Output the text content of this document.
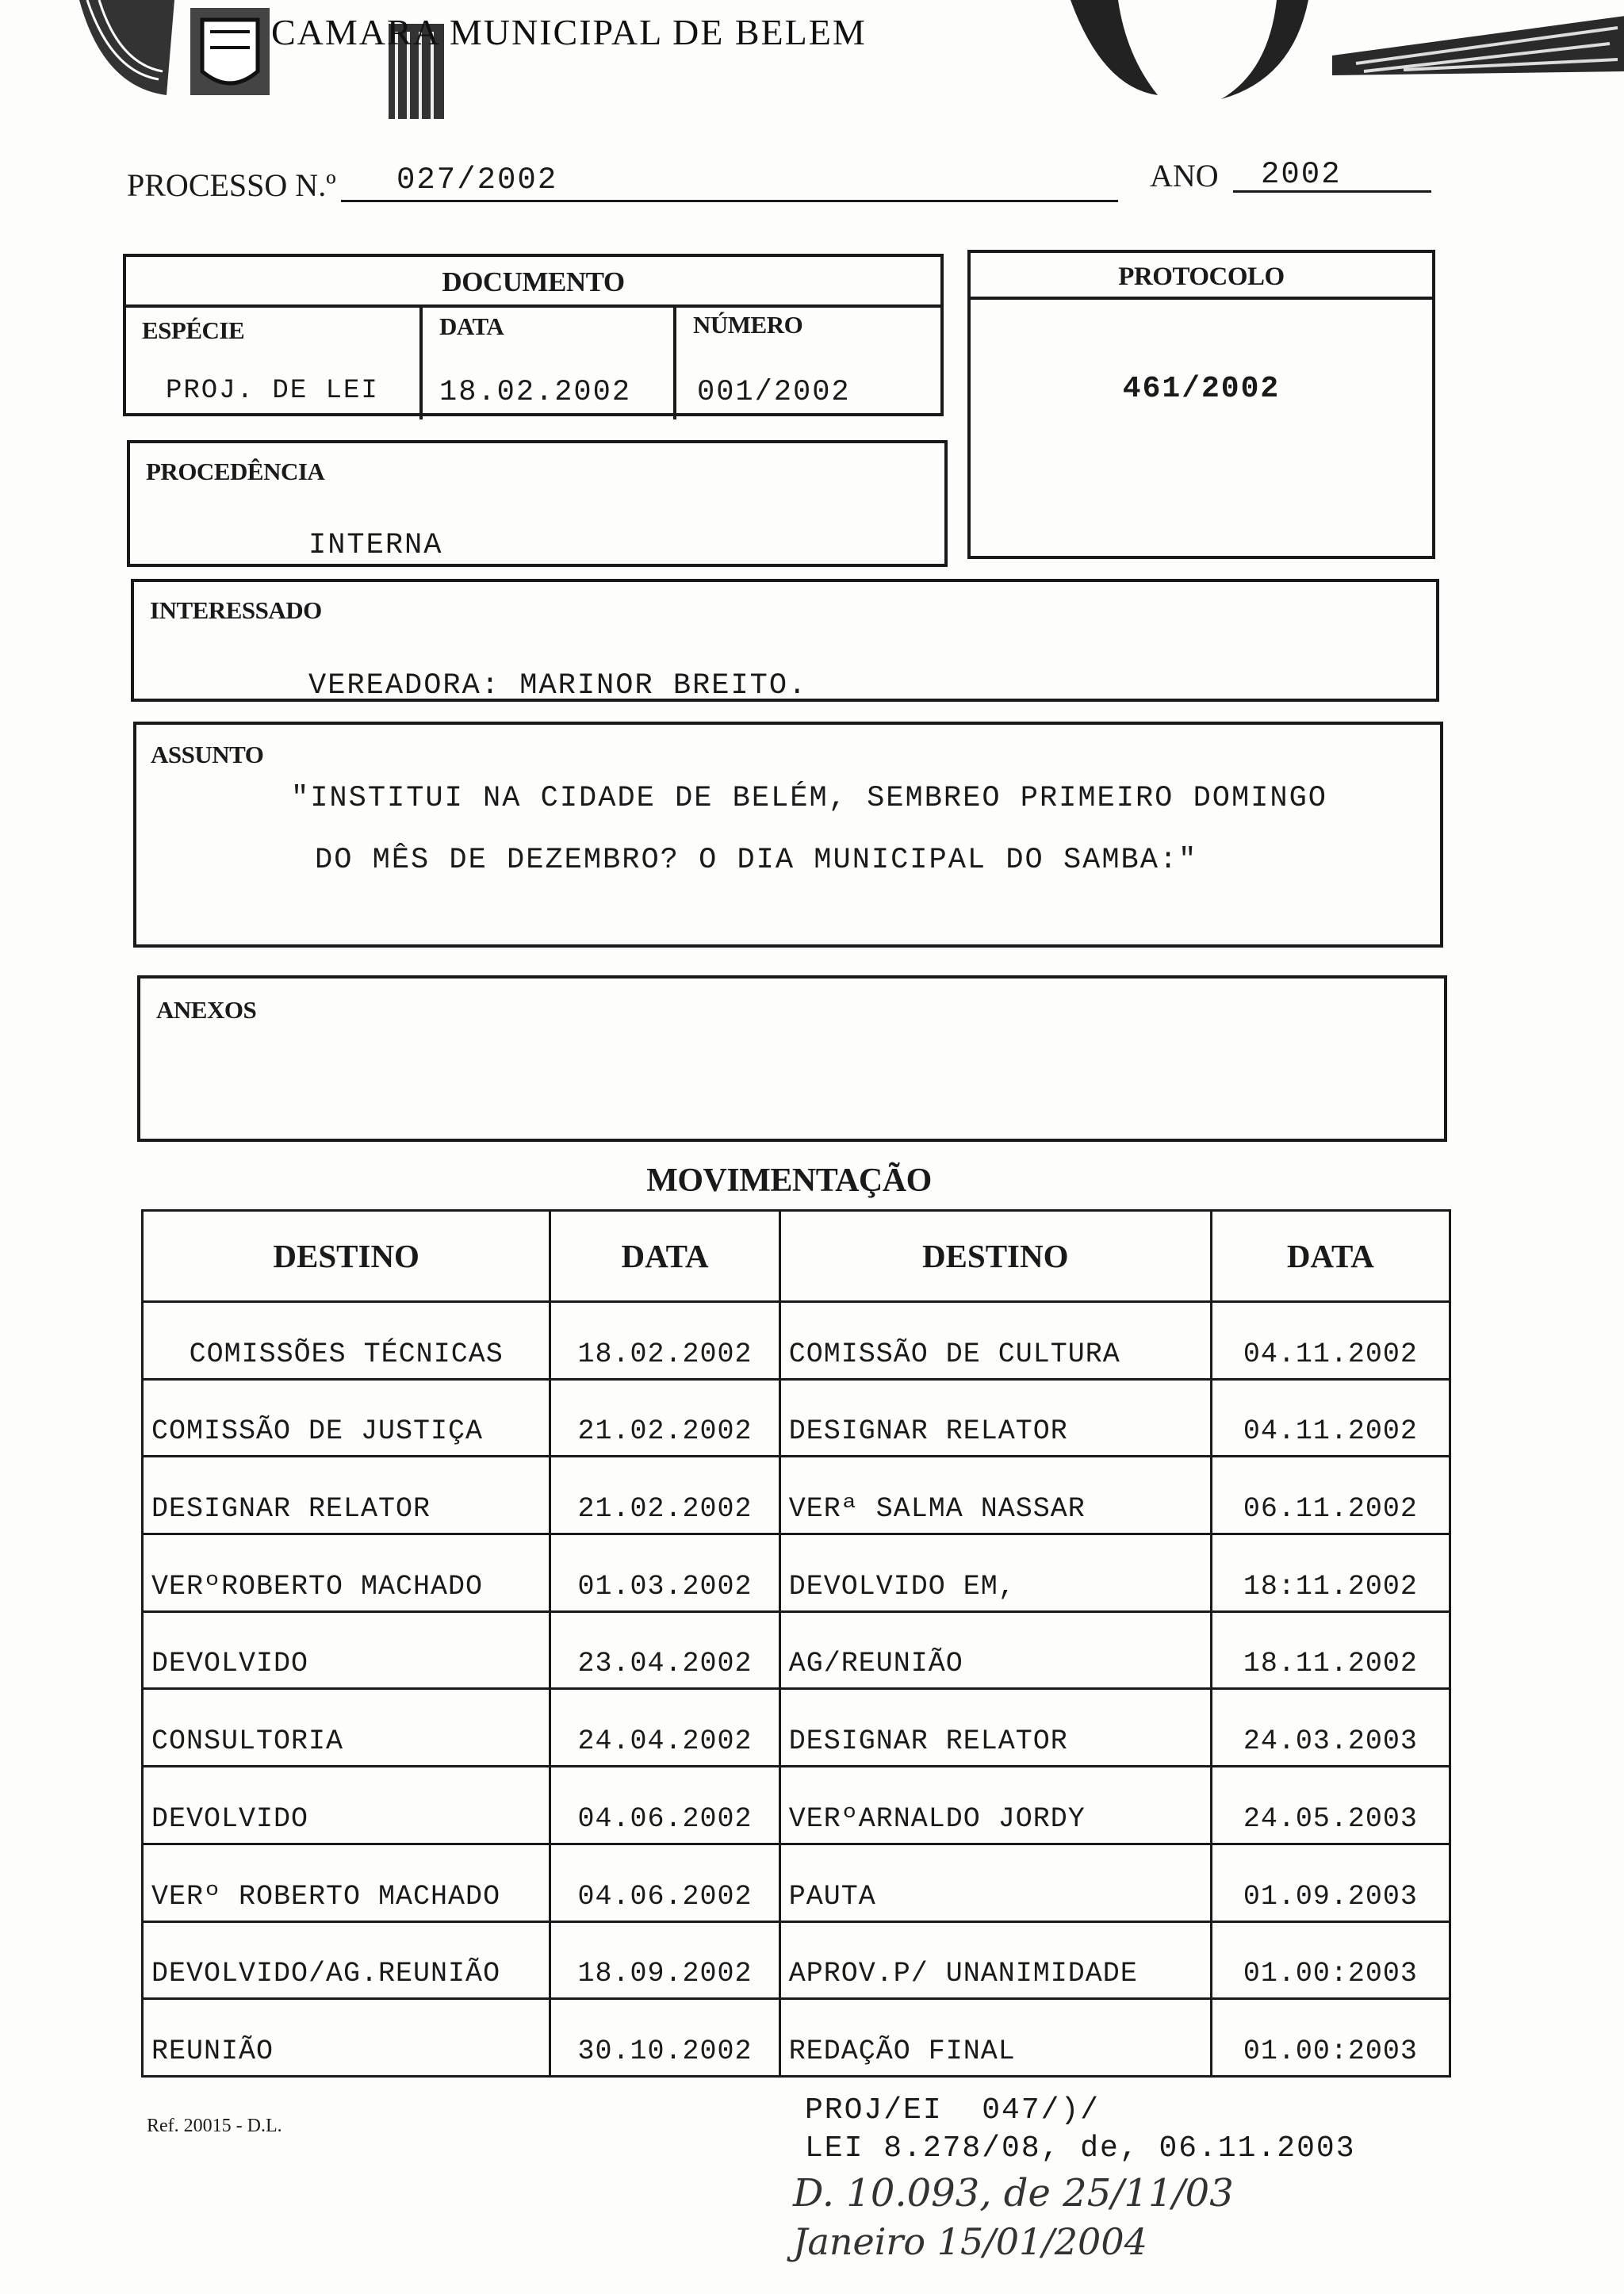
CAMARA MUNICIPAL DE BELEM
PROCESSO N.º 027/2002	ANO 2002
DOCUMENTO
ESPÉCIE
PROJ. DE LEI
DATA
18.02.2002
NÚMERO
001/2002
PROTOCOLO
461/2002
PROCEDÊNCIA
INTERNA
INTERESSADO
VEREADORA: MARINOR BREITO.
ASSUNTO
"INSTITUI NA CIDADE DE BELÉM, SEMBREO PRIMEIRO DOMINGO
DO MÊS DE DEZEMBRO? O DIA MUNICIPAL DO SAMBA:"
ANEXOS
MOVIMENTAÇÃO
DESTINO	DATA	DESTINO	DATA
COMISSÕES TÉCNICAS	18.02.2002	COMISSÃO DE CULTURA	04.11.2002
COMISSÃO DE JUSTIÇA	21.02.2002	DESIGNAR RELATOR	04.11.2002
DESIGNAR RELATOR	21.02.2002	VERª SALMA NASSAR	06.11.2002
VERºROBERTO MACHADO	01.03.2002	DEVOLVIDO EM,	18:11.2002
DEVOLVIDO	23.04.2002	AG/REUNIÃO	18.11.2002
CONSULTORIA	24.04.2002	DESIGNAR RELATOR	24.03.2003
DEVOLVIDO	04.06.2002	VERºARNALDO JORDY	24.05.2003
VERº ROBERTO MACHADO	04.06.2002	PAUTA	01.09.2003
DEVOLVIDO/AG.REUNIÃO	18.09.2002	APROV.P/ UNANIMIDADE	01.00:2003
REUNIÃO	30.10.2002	REDAÇÃO FINAL	01.00:2003
Ref. 20015 - D.L.	PROJ/EI  047/)/
LEI 8.278/08, de, 06.11.2003
D. 10.093, de 25/11/03
Janeiro 15/01/2004
